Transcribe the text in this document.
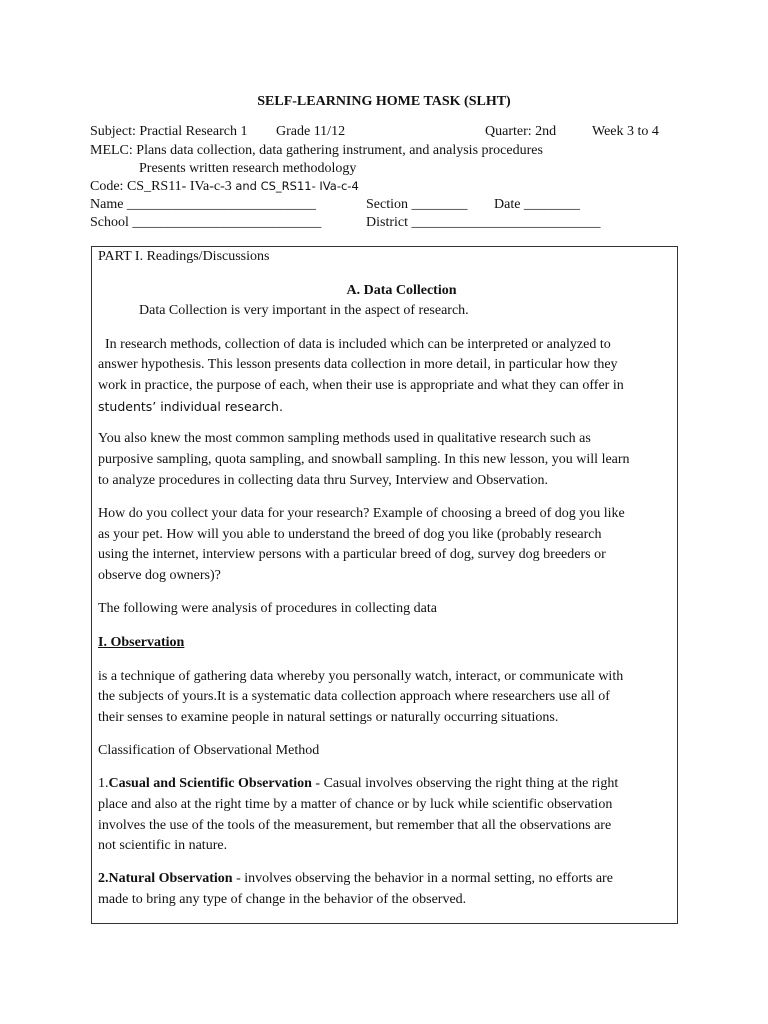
SELF-LEARNING HOME TASK (SLHT)
Subject: Practial Research 1 Grade 11/12	Quarter: 2nd	Week 3 to 4
MELC: Plans data collection, data gathering instrument, and analysis procedures
Presents written research methodology
Code: CS_RS11- IVa-c-3 and CS_RS11- IVa-c-4
Name ___________________________	Section ________ Date ________
School ___________________________	District ___________________________
PART I. Readings/Discussions
A. Data Collection
Data Collection is very important in the aspect of research.
In research methods, collection of data is included which can be interpreted or analyzed to
answer hypothesis. This lesson presents data collection in more detail, in particular how they
work in practice, the purpose of each, when their use is appropriate and what they can offer in
students’ individual research.
You also knew the most common sampling methods used in qualitative research such as
purposive sampling, quota sampling, and snowball sampling. In this new lesson, you will learn
to analyze procedures in collecting data thru Survey, Interview and Observation.
How do you collect your data for your research? Example of choosing a breed of dog you like
as your pet. How will you able to understand the breed of dog you like (probably research
using the internet, interview persons with a particular breed of dog, survey dog breeders or
observe dog owners)?
The following were analysis of procedures in collecting data
I. Observation
is a technique of gathering data whereby you personally watch, interact, or communicate with
the subjects of yours.It is a systematic data collection approach where researchers use all of
their senses to examine people in natural settings or naturally occurring situations.
Classification of Observational Method
1.Casual and Scientific Observation - Casual involves observing the right thing at the right
place and also at the right time by a matter of chance or by luck while scientific observation
involves the use of the tools of the measurement, but remember that all the observations are
not scientific in nature.
2.Natural Observation - involves observing the behavior in a normal setting, no efforts are
made to bring any type of change in the behavior of the observed.
